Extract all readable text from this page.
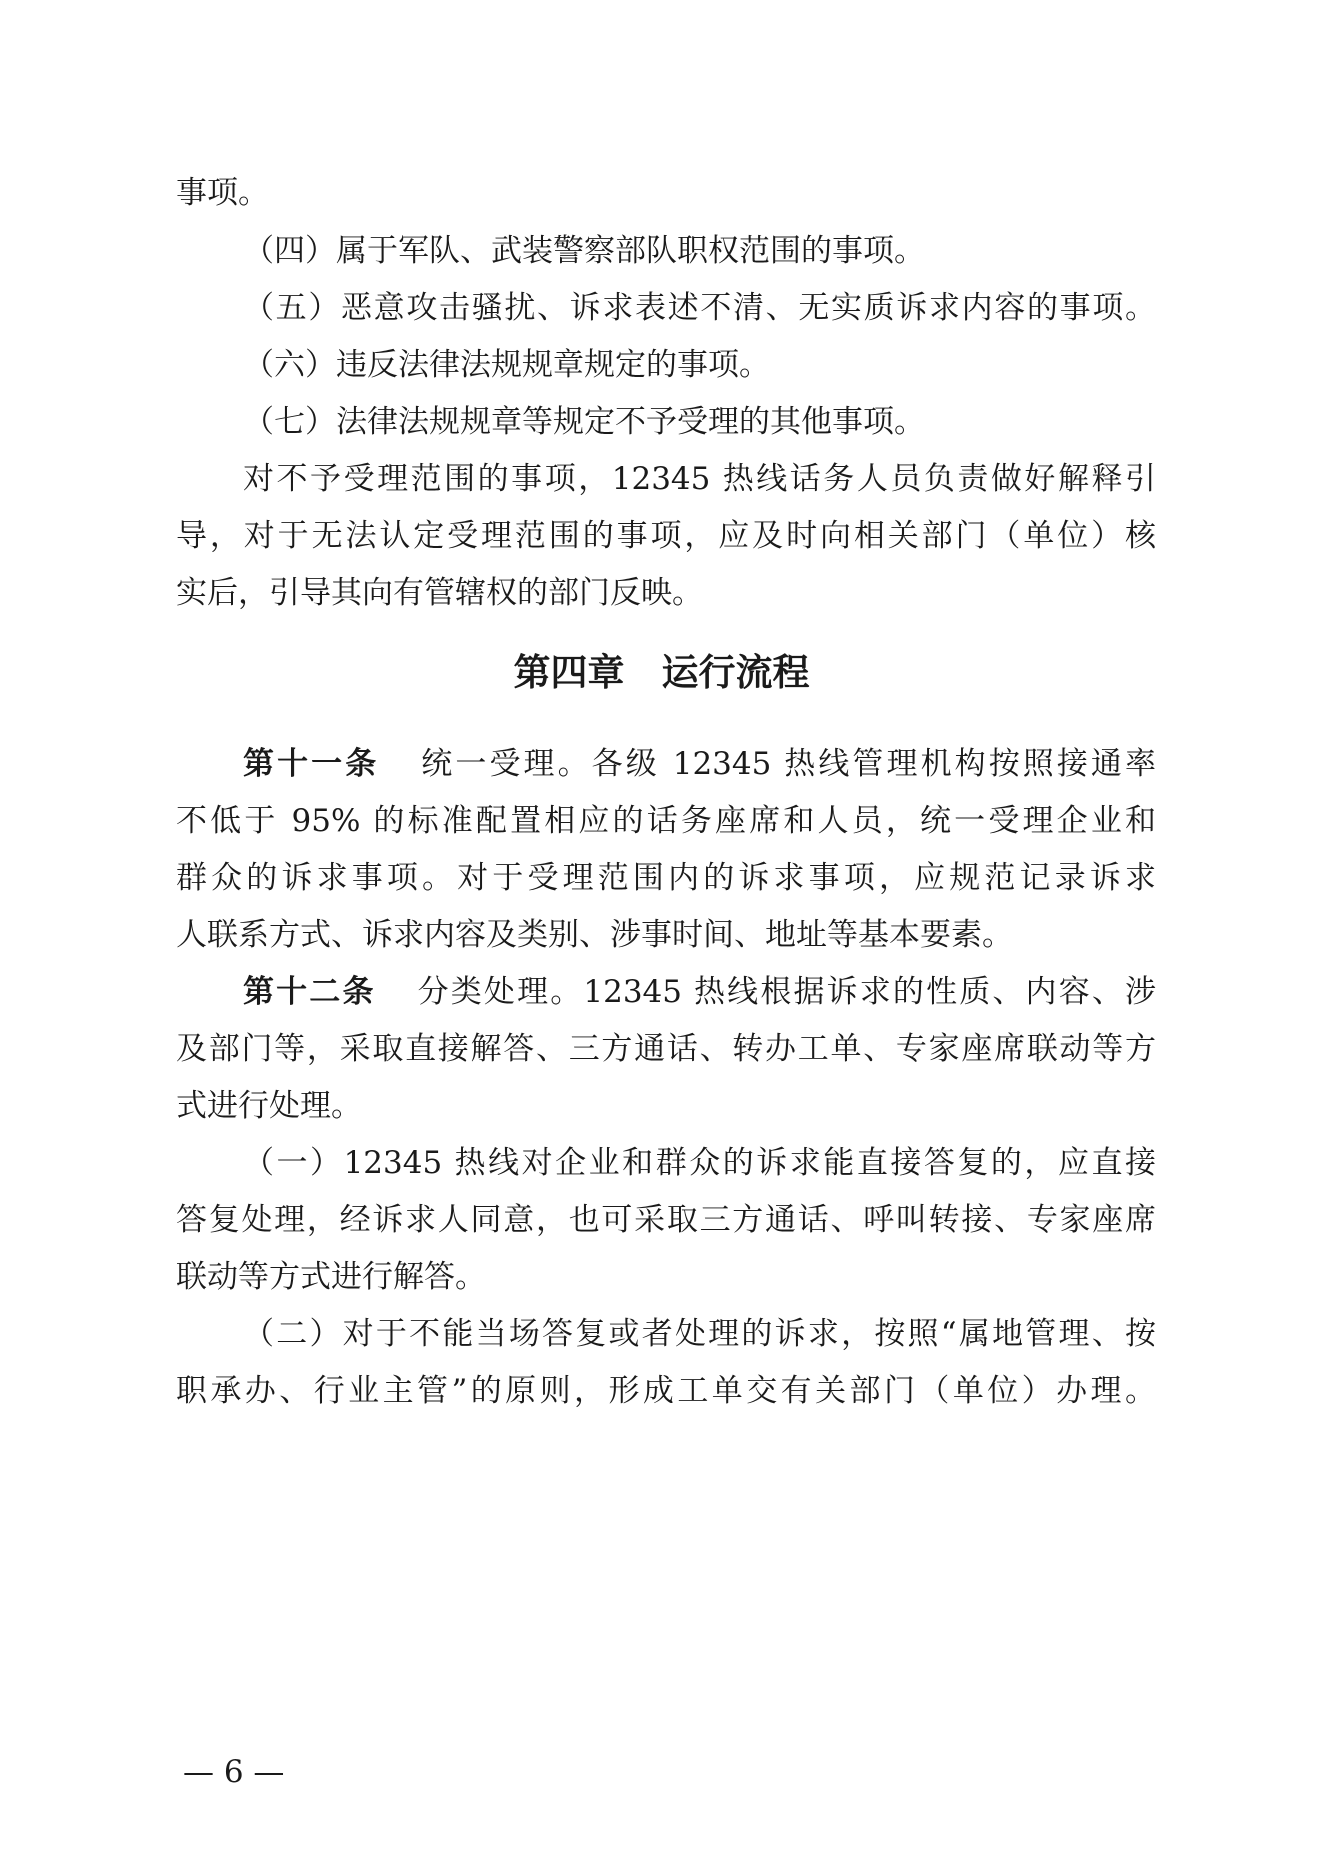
事项。
（四）属于军队、武装警察部队职权范围的事项。
（五）恶意攻击骚扰、诉求表述不清、无实质诉求内容的事项。
（六）违反法律法规规章规定的事项。
（七）法律法规规章等规定不予受理的其他事项。
对不予受理范围的事项，12345 热线话务人员负责做好解释引
导，对于无法认定受理范围的事项，应及时向相关部门（单位）核
实后，引导其向有管辖权的部门反映。
第四章　运行流程
第十一条 统一受理。各级 12345 热线管理机构按照接通率
不低于 95% 的标准配置相应的话务座席和人员，统一受理企业和
群众的诉求事项。对于受理范围内的诉求事项，应规范记录诉求
人联系方式、诉求内容及类别、涉事时间、地址等基本要素。
第十二条 分类处理。12345 热线根据诉求的性质、内容、涉
及部门等，采取直接解答、三方通话、转办工单、专家座席联动等方
式进行处理。
（一）12345 热线对企业和群众的诉求能直接答复的，应直接
答复处理，经诉求人同意，也可采取三方通话、呼叫转接、专家座席
联动等方式进行解答。
（二）对于不能当场答复或者处理的诉求，按照“属地管理、按
职承办、行业主管”的原则，形成工单交有关部门（单位）办理。
— 6 —
